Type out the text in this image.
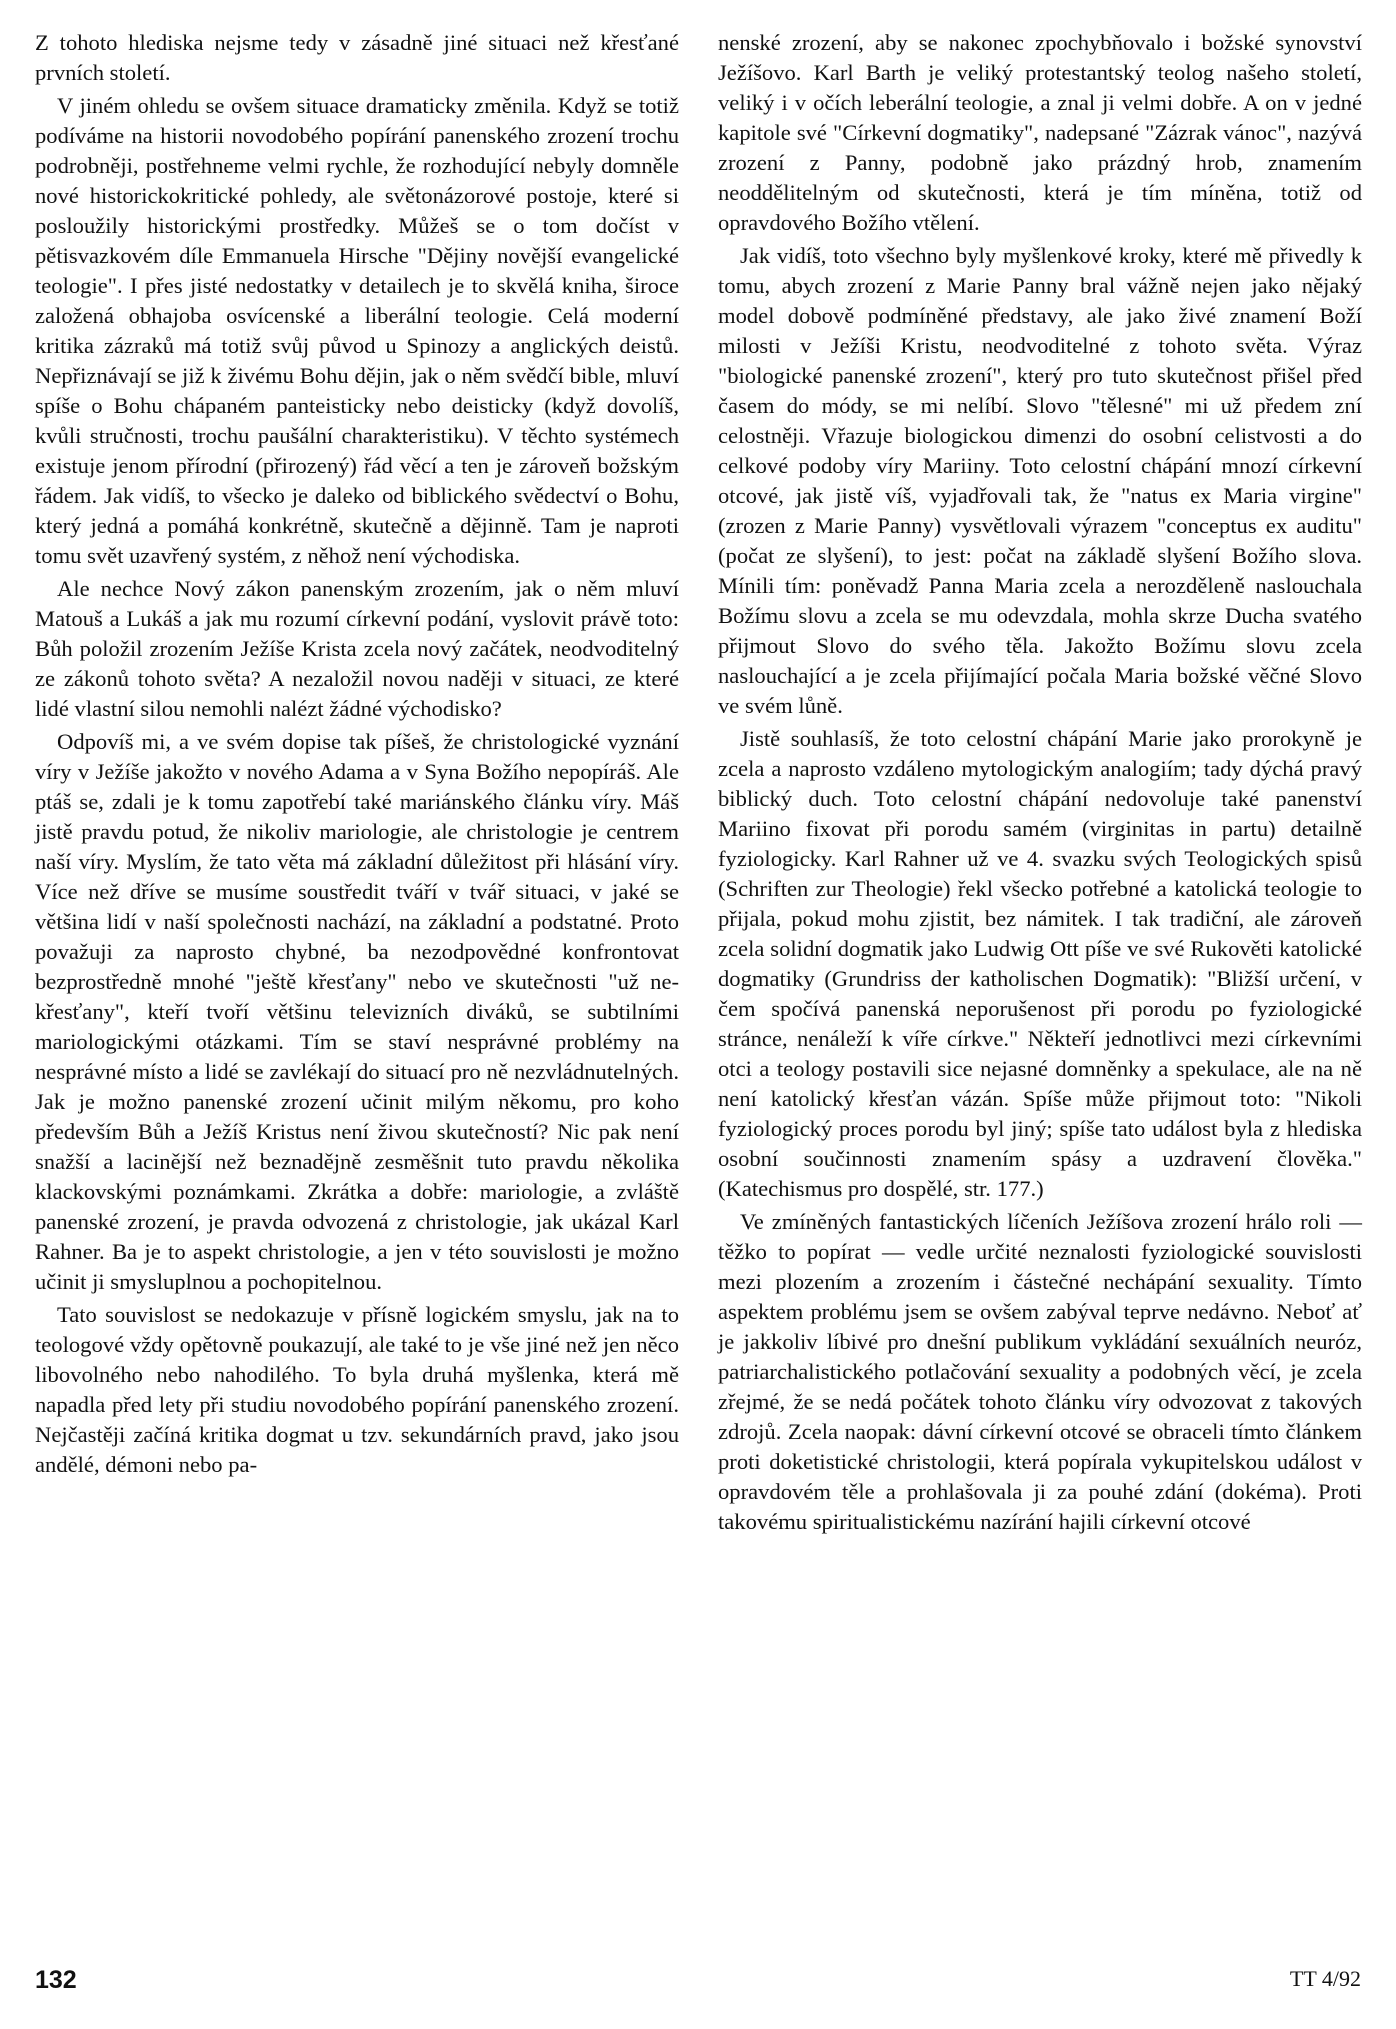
Z tohoto hlediska nejsme tedy v zásadně jiné situaci než křesťané prvních století.

V jiném ohledu se ovšem situace dramaticky změnila. Když se totiž podíváme na historii novodobého popírání panenského zrození trochu podrobněji, postřehneme velmi rychle, že rozhodující nebyly domněle nové historickokritické pohledy, ale světonázorové postoje, které si posloužily historickými prostředky. Můžeš se o tom dočíst v pětisvazkovém díle Emmanuela Hirsche "Dějiny novější evangelické teologie". I přes jisté nedostatky v detailech je to skvělá kniha, široce založená obhajoba osvícenské a liberální teologie. Celá moderní kritika zázraků má totiž svůj původ u Spinozy a anglických deistů. Nepřiznávají se již k živému Bohu dějin, jak o něm svědčí bible, mluví spíše o Bohu chápaném panteisticky nebo deisticky (když dovolíš, kvůli stručnosti, trochu paušální charakteristiku). V těchto systémech existuje jenom přírodní (přirozený) řád věcí a ten je zároveň božským řádem. Jak vidíš, to všecko je daleko od biblického svědectví o Bohu, který jedná a pomáhá konkrétně, skutečně a dějinně. Tam je naproti tomu svět uzavřený systém, z něhož není východiska.

Ale nechce Nový zákon panenským zrozením, jak o něm mluví Matouš a Lukáš a jak mu rozumí církevní podání, vyslovit právě toto: Bůh položil zrozením Ježíše Krista zcela nový začátek, neodvoditelný ze zákonů tohoto světa? A nezaložil novou naději v situaci, ze které lidé vlastní silou nemohli nalézt žádné východisko?

Odpovíš mi, a ve svém dopise tak píšeš, že christologické vyznání víry v Ježíše jakožto v nového Adama a v Syna Božího nepopíráš. Ale ptáš se, zdali je k tomu zapotřebí také mariánského článku víry. Máš jistě pravdu potud, že nikoliv mariologie, ale christologie je centrem naší víry. Myslím, že tato věta má základní důležitost při hlásání víry. Více než dříve se musíme soustředit tváří v tvář situaci, v jaké se většina lidí v naší společnosti nachází, na základní a podstatné. Proto považuji za naprosto chybné, ba nezodpovědné konfrontovat bezprostředně mnohé "ještě křesťany" nebo ve skutečnosti "už ne-křesťany", kteří tvoří většinu televizních diváků, se subtilními mariologickými otázkami. Tím se staví nesprávné problémy na nesprávné místo a lidé se zavlékají do situací pro ně nezvládnutelných. Jak je možno panenské zrození učinit milým někomu, pro koho především Bůh a Ježíš Kristus není živou skutečností? Nic pak není snažší a lacinější než beznadějně zesměšnit tuto pravdu několika klackovskými poznámkami. Zkrátka a dobře: mariologie, a zvláště panenské zrození, je pravda odvozená z christologie, jak ukázal Karl Rahner. Ba je to aspekt christologie, a jen v této souvislosti je možno učinit ji smysluplnou a pochopitelnou.

Tato souvislost se nedokazuje v přísně logickém smyslu, jak na to teologové vždy opětovně poukazují, ale také to je vše jiné než jen něco libovolného nebo nahodilého. To byla druhá myšlenka, která mě napadla před lety při studiu novodobého popírání panenského zrození. Nejčastěji začíná kritika dogmat u tzv. sekundárních pravd, jako jsou andělé, démoni nebo pa-

nenské zrození, aby se nakonec zpochybňovalo i božské synovství Ježíšovo. Karl Barth je veliký protestantský teolog našeho století, veliký i v očích leberální teologie, a znal ji velmi dobře. A on v jedné kapitole své "Církevní dogmatiky", nadepsané "Zázrak vánoc", nazývá zrození z Panny, podobně jako prázdný hrob, znamením neoddělitelným od skutečnosti, která je tím míněna, totiž od opravdového Božího vtělení.

Jak vidíš, toto všechno byly myšlenkové kroky, které mě přivedly k tomu, abych zrození z Marie Panny bral vážně nejen jako nějaký model dobově podmíněné představy, ale jako živé znamení Boží milosti v Ježíši Kristu, neodvoditelné z tohoto světa. Výraz "biologické panenské zrození", který pro tuto skutečnost přišel před časem do módy, se mi nelíbí. Slovo "tělesné" mi už předem zní celostněji. Vřazuje biologickou dimenzi do osobní celistvosti a do celkové podoby víry Mariiny. Toto celostní chápání mnozí církevní otcové, jak jistě víš, vyjadřovali tak, že "natus ex Maria virgine" (zrozen z Marie Panny) vysvětlovali výrazem "conceptus ex auditu" (počat ze slyšení), to jest: počat na základě slyšení Božího slova. Mínili tím: poněvadž Panna Maria zcela a nerozděleně naslouchala Božímu slovu a zcela se mu odevzdala, mohla skrze Ducha svatého přijmout Slovo do svého těla. Jakožto Božímu slovu zcela naslouchající a je zcela přijímající počala Maria božské věčné Slovo ve svém lůně.

Jistě souhlasíš, že toto celostní chápání Marie jako prorokyně je zcela a naprosto vzdáleno mytologickým analogiím; tady dýchá pravý biblický duch. Toto celostní chápání nedovoluje také panenství Mariino fixovat při porodu samém (virginitas in partu) detailně fyziologicky. Karl Rahner už ve 4. svazku svých Teologických spisů (Schriften zur Theologie) řekl všecko potřebné a katolická teologie to přijala, pokud mohu zjistit, bez námitek. I tak tradiční, ale zároveň zcela solidní dogmatik jako Ludwig Ott píše ve své Rukověti katolické dogmatiky (Grundriss der katholischen Dogmatik): "Bližší určení, v čem spočívá panenská neporušenost při porodu po fyziologické stránce, nenáleží k víře církve." Někteří jednotlivci mezi církevními otci a teology postavili sice nejasné domněnky a spekulace, ale na ně není katolický křesťan vázán. Spíše může přijmout toto: "Nikoli fyziologický proces porodu byl jiný; spíše tato událost byla z hlediska osobní součinnosti znamením spásy a uzdravení člověka." (Katechismus pro dospělé, str. 177.)

Ve zmíněných fantastických líčeních Ježíšova zrození hrálo roli — těžko to popírat — vedle určité neznalosti fyziologické souvislosti mezi plozením a zrozením i částečné nechápání sexuality. Tímto aspektem problému jsem se ovšem zabýval teprve nedávno. Neboť ať je jakkoliv líbivé pro dnešní publikum vykládání sexuálních neuróz, patriarchalistického potlačování sexuality a podobných věcí, je zcela zřejmé, že se nedá počátek tohoto článku víry odvozovat z takových zdrojů. Zcela naopak: dávní církevní otcové se obraceli tímto článkem proti doketistické christologii, která popírala vykupitelskou událost v opravdovém těle a prohlašovala ji za pouhé zdání (dokéma). Proti takovému spiritualistickému nazírání hajili církevní otcové

132	TT 4/92
